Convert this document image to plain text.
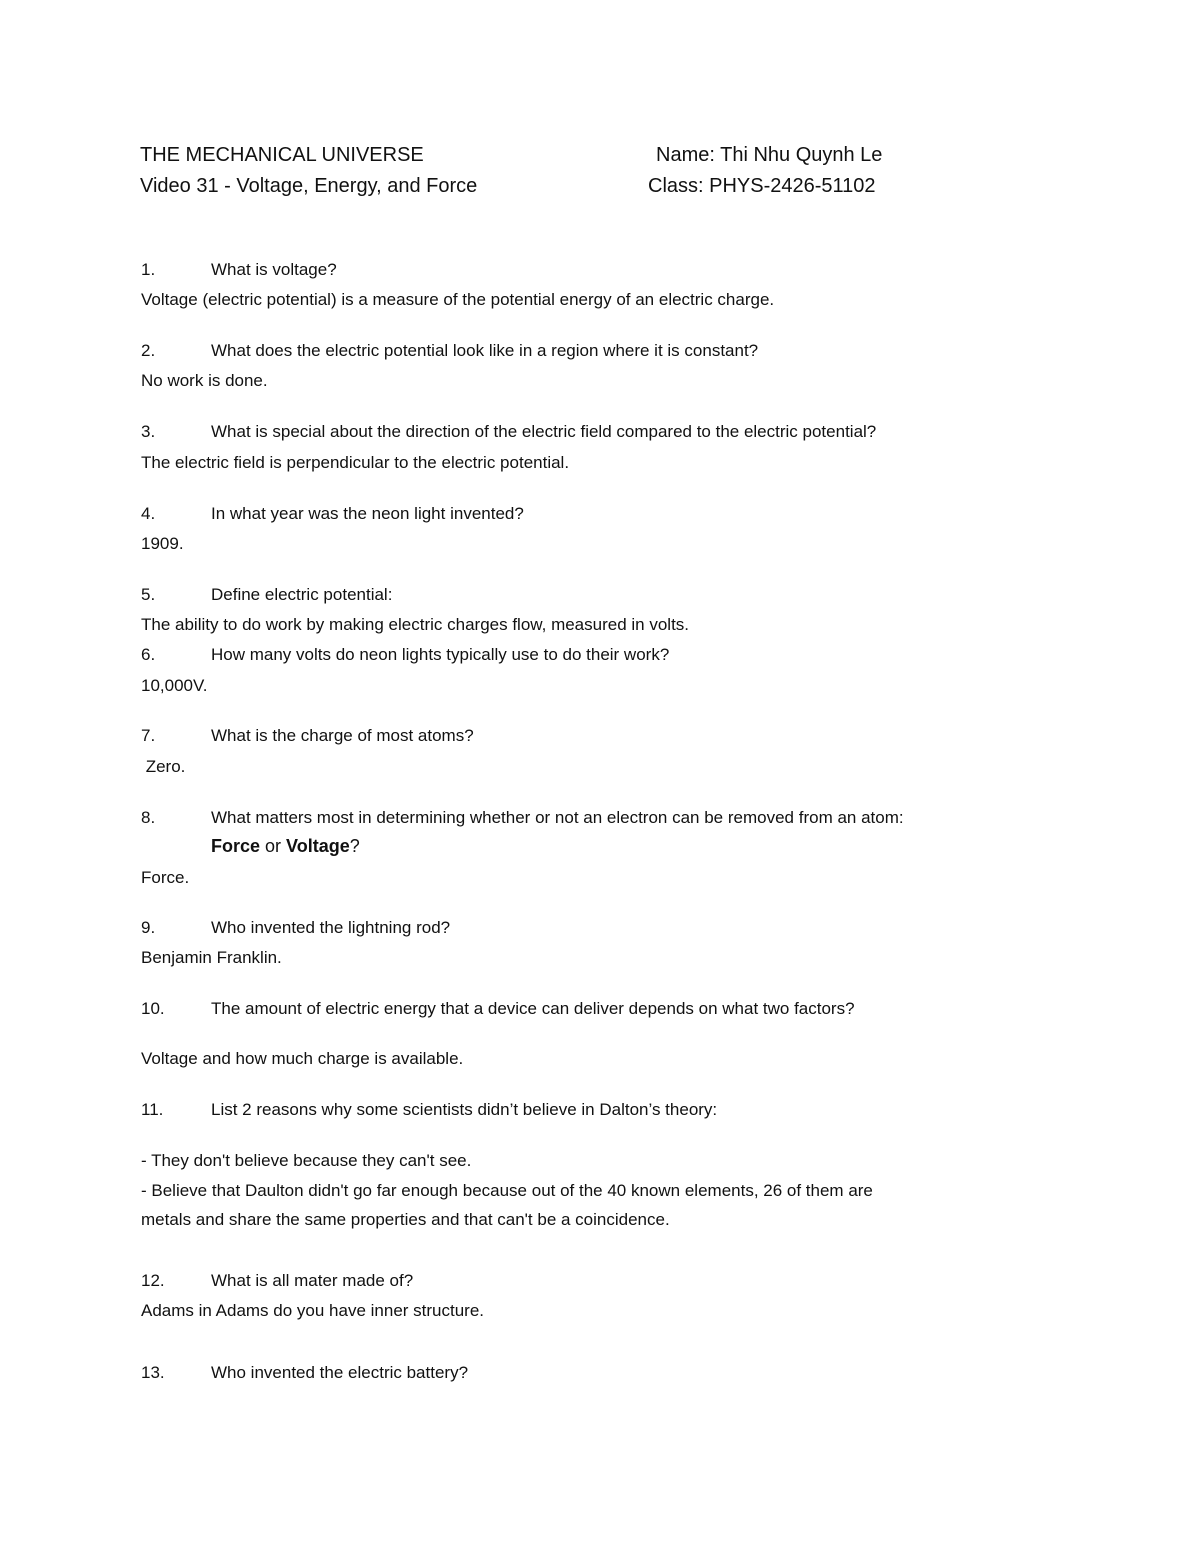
THE MECHANICAL UNIVERSE
Video 31 - Voltage, Energy, and Force
Name: Thi Nhu Quynh Le
Class: PHYS-2426-51102
1.	What is voltage?
Voltage (electric potential) is a measure of the potential energy of an electric charge.
2.	What does the electric potential look like in a region where it is constant?
No work is done.
3.	What is special about the direction of the electric field compared to the electric potential?
The electric field is perpendicular to the electric potential.
4.	In what year was the neon light invented?
1909.
5.	Define electric potential:
The ability to do work by making electric charges flow, measured in volts.
6.	How many volts do neon lights typically use to do their work?
10,000V.
7.	What is the charge of most atoms?
Zero.
8.	What matters most in determining whether or not an electron can be removed from an atom:
Force or Voltage?
Force.
9.	Who invented the lightning rod?
Benjamin Franklin.
10.	The amount of electric energy that a device can deliver depends on what two factors?
Voltage and how much charge is available.
11.	List 2 reasons why some scientists didn’t believe in Dalton’s theory:
- They don't believe because they can't see.
- Believe that Daulton didn't go far enough because out of the 40 known elements, 26 of them are
metals and share the same properties and that can't be a coincidence.
12.	What is all mater made of?
Adams in Adams do you have inner structure.
13.	Who invented the electric battery?
